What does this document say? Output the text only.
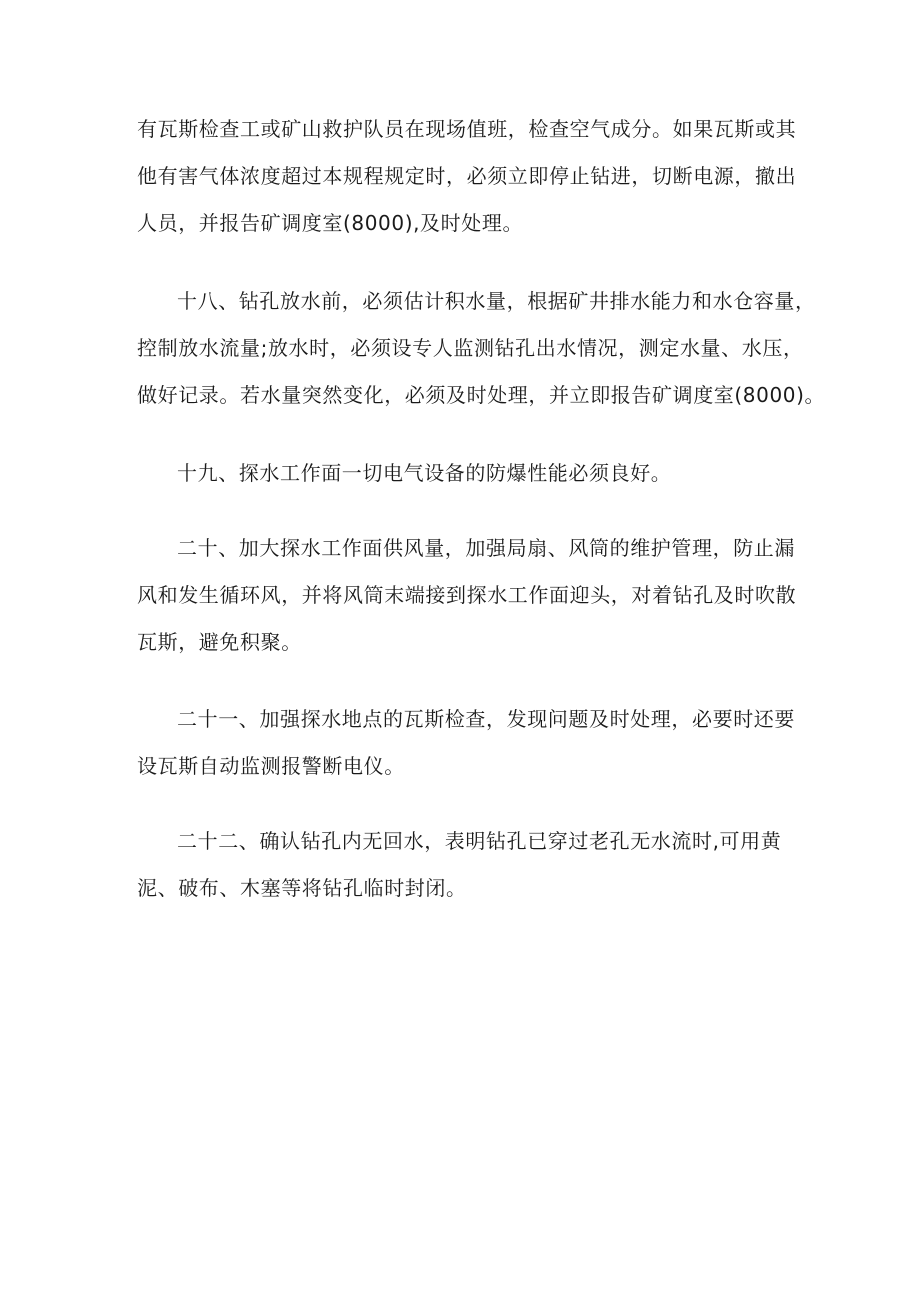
有瓦斯检查工或矿山救护队员在现场值班，检查空气成分。如果瓦斯或其
他有害气体浓度超过本规程规定时，必须立即停止钻进，切断电源，撤出
人员，并报告矿调度室(8000),及时处理。
十八、钻孔放水前，必须估计积水量，根据矿井排水能力和水仓容量，
控制放水流量;放水时，必须设专人监测钻孔出水情况，测定水量、水压，
做好记录。若水量突然变化，必须及时处理，并立即报告矿调度室(8000)。
十九、探水工作面一切电气设备的防爆性能必须良好。
二十、加大探水工作面供风量，加强局扇、风筒的维护管理，防止漏
风和发生循环风，并将风筒末端接到探水工作面迎头，对着钻孔及时吹散
瓦斯，避免积聚。
二十一、加强探水地点的瓦斯检查，发现问题及时处理，必要时还要
设瓦斯自动监测报警断电仪。
二十二、确认钻孔内无回水，表明钻孔已穿过老孔无水流时,可用黄
泥、破布、木塞等将钻孔临时封闭。
